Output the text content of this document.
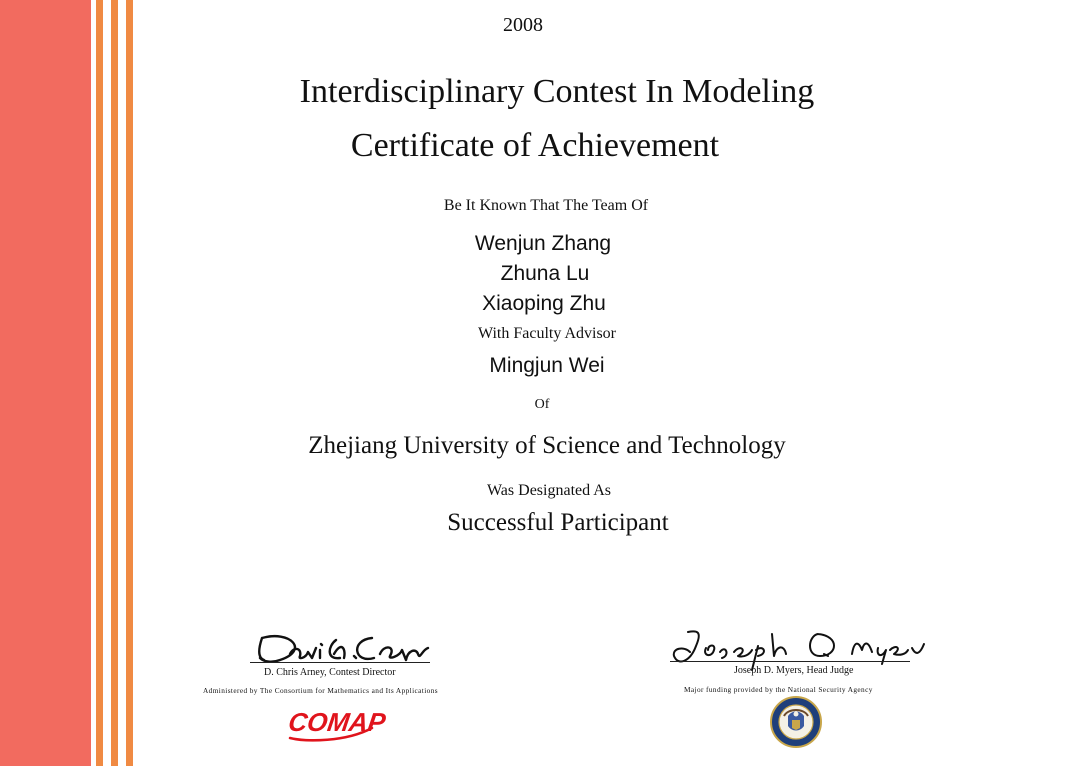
2008
Interdisciplinary Contest In Modeling
Certificate of Achievement
Be It Known That The Team Of
Wenjun Zhang
Zhuna Lu
Xiaoping Zhu
With Faculty Advisor
Mingjun Wei
Of
Zhejiang University of Science and Technology
Was Designated As
Successful Participant
D. Chris Arney, Contest Director
Administered by The Consortium for Mathematics and Its Applications
COMAP
Joseph D. Myers, Head Judge
Major funding provided by the National Security Agency
